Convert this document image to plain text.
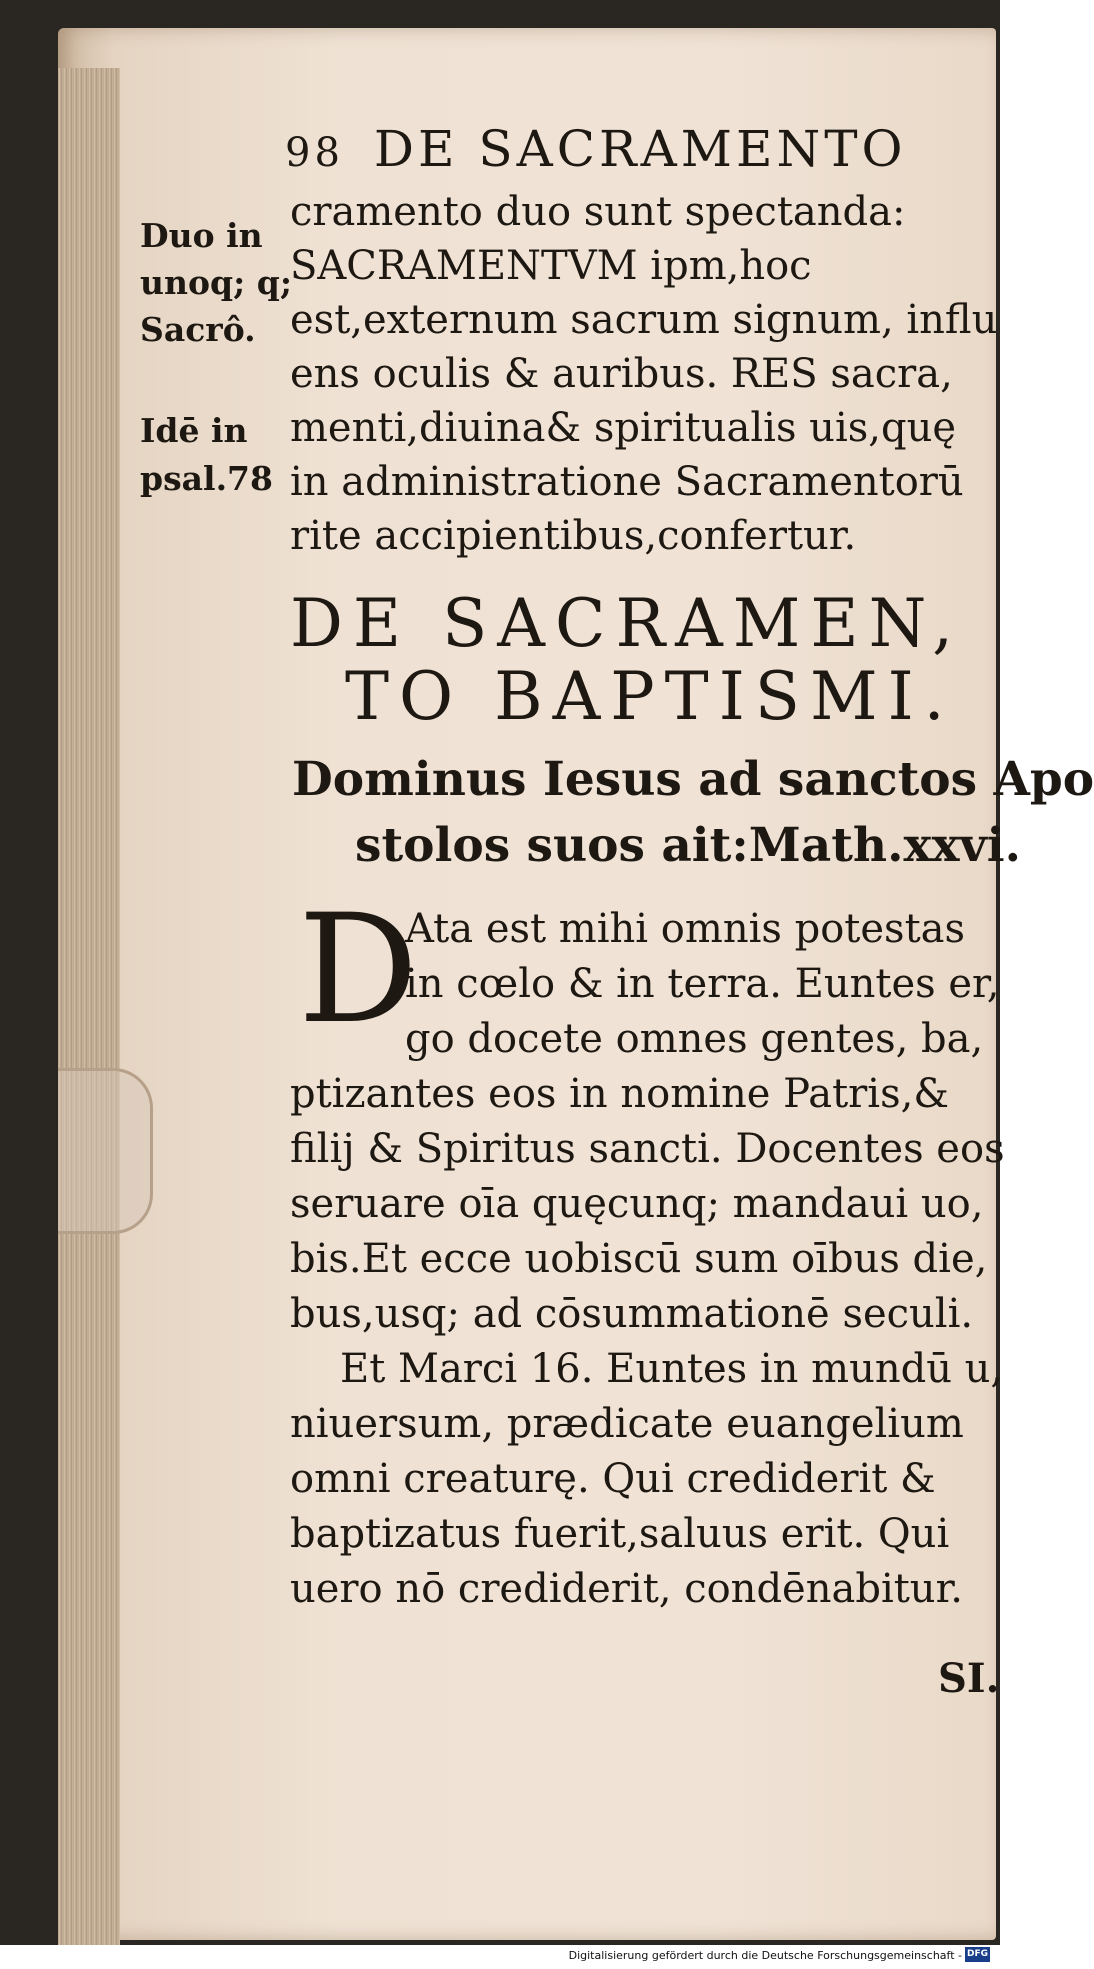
98 DE SACRAMENTO
Duo in
unoq; q;
Sacrô.
Idē in
psal.78
cramento duo sunt spectanda:
SACRAMENTVM ipm,hoc
est,externum sacrum signum, influ
ens oculis & auribus. RES sacra,
menti,diuina& spiritualis uis,quę
in administratione Sacramentorū
rite accipientibus,confertur.
DE SACRAMEN,
TO BAPTISMI.
Dominus Iesus ad sanctos Apo
stolos suos ait:Math.xxvi.
D
Ata est mihi omnis potestas
in cœlo & in terra. Euntes er,
go docete omnes gentes, ba,
ptizantes eos in nomine Patris,&
filij & Spiritus sancti. Docentes eos
seruare oīa quęcunq; mandaui uo,
bis.Et ecce uobiscū sum oībus die,
bus,usq; ad cōsummationē seculi.
Et Marci 16. Euntes in mundū u,
niuersum, prædicate euangelium
omni creaturę. Qui crediderit &
baptizatus fuerit,saluus erit. Qui
uero nō crediderit, condēnabitur.
SI.
Digitalisierung gefördert durch die Deutsche Forschungsgemeinschaft - DFG
